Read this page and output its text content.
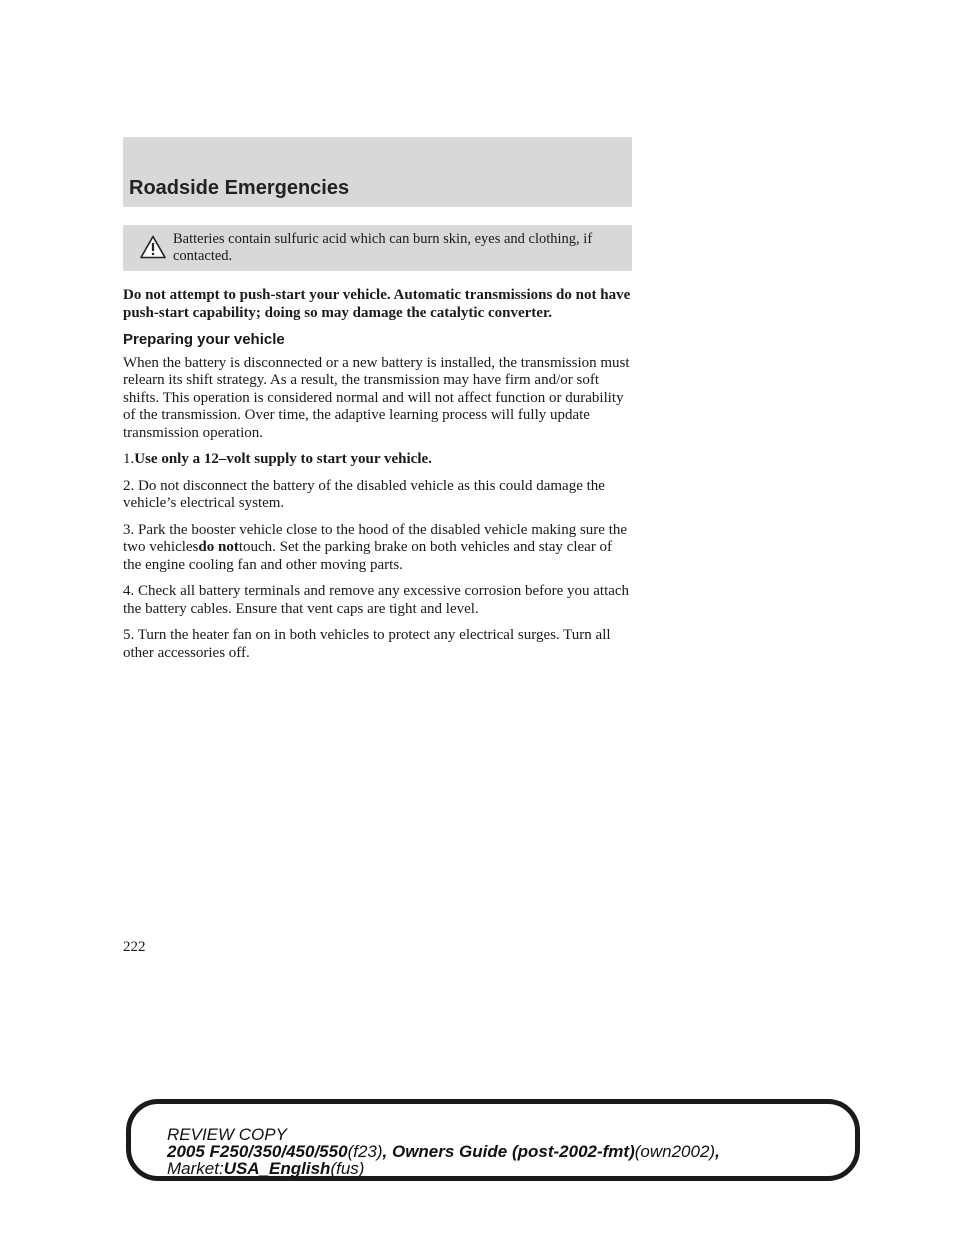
Roadside Emergencies
Batteries contain sulfuric acid which can burn skin, eyes and clothing, if contacted.

Do not attempt to push-start your vehicle. Automatic transmissions do not have push-start capability; doing so may damage the catalytic converter.

Preparing your vehicle

When the battery is disconnected or a new battery is installed, the transmission must relearn its shift strategy. As a result, the transmission may have firm and/or soft shifts. This operation is considered normal and will not affect function or durability of the transmission. Over time, the adaptive learning process will fully update transmission operation.

1.Use only a 12–volt supply to start your vehicle.

2. Do not disconnect the battery of the disabled vehicle as this could damage the vehicle’s electrical system.

3. Park the booster vehicle close to the hood of the disabled vehicle making sure the two vehiclesdo nottouch. Set the parking brake on both vehicles and stay clear of the engine cooling fan and other moving parts.

4. Check all battery terminals and remove any excessive corrosion before you attach the battery cables. Ensure that vent caps are tight and level.

5. Turn the heater fan on in both vehicles to protect any electrical surges. Turn all other accessories off.

222
REVIEW COPY
2005 F250/350/450/550(f23), Owners Guide (post-2002-fmt)(own2002),
Market:USA_English(fus)
